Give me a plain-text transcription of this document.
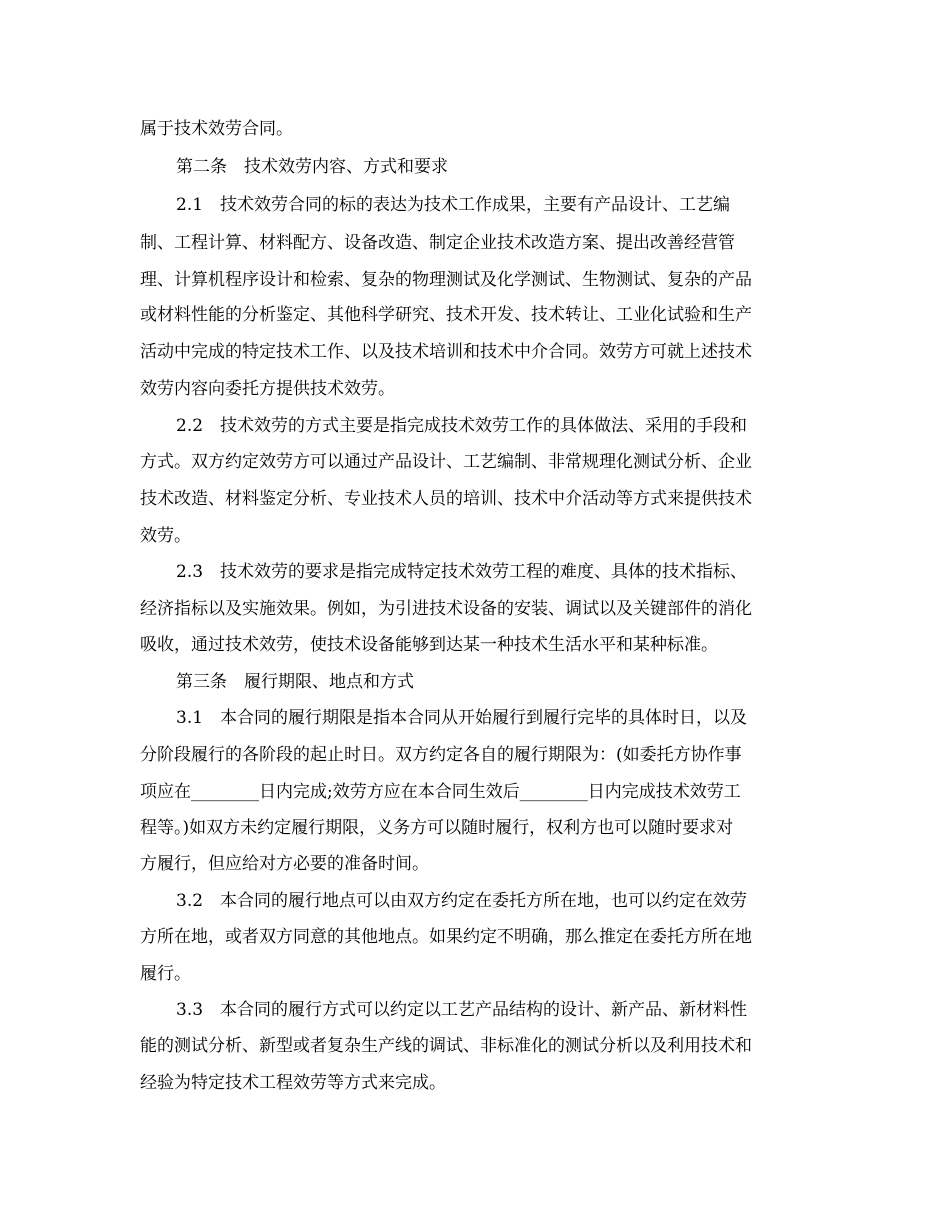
属于技术效劳合同。
第二条　技术效劳内容、方式和要求
2.1　技术效劳合同的标的表达为技术工作成果，主要有产品设计、工艺编
制、工程计算、材料配方、设备改造、制定企业技术改造方案、提出改善经营管
理、计算机程序设计和检索、复杂的物理测试及化学测试、生物测试、复杂的产品
或材料性能的分析鉴定、其他科学研究、技术开发、技术转让、工业化试验和生产
活动中完成的特定技术工作、以及技术培训和技术中介合同。效劳方可就上述技术
效劳内容向委托方提供技术效劳。
2.2　技术效劳的方式主要是指完成技术效劳工作的具体做法、采用的手段和
方式。双方约定效劳方可以通过产品设计、工艺编制、非常规理化测试分析、企业
技术改造、材料鉴定分析、专业技术人员的培训、技术中介活动等方式来提供技术
效劳。
2.3　技术效劳的要求是指完成特定技术效劳工程的难度、具体的技术指标、
经济指标以及实施效果。例如，为引进技术设备的安装、调试以及关键部件的消化
吸收，通过技术效劳，使技术设备能够到达某一种技术生活水平和某种标准。
第三条　履行期限、地点和方式
3.1　本合同的履行期限是指本合同从开始履行到履行完毕的具体时日，以及
分阶段履行的各阶段的起止时日。双方约定各自的履行期限为：(如委托方协作事
项应在________日内完成;效劳方应在本合同生效后________日内完成技术效劳工
程等。)如双方未约定履行期限，义务方可以随时履行，权利方也可以随时要求对
方履行，但应给对方必要的准备时间。
3.2　本合同的履行地点可以由双方约定在委托方所在地，也可以约定在效劳
方所在地，或者双方同意的其他地点。如果约定不明确，那么推定在委托方所在地
履行。
3.3　本合同的履行方式可以约定以工艺产品结构的设计、新产品、新材料性
能的测试分析、新型或者复杂生产线的调试、非标准化的测试分析以及利用技术和
经验为特定技术工程效劳等方式来完成。
